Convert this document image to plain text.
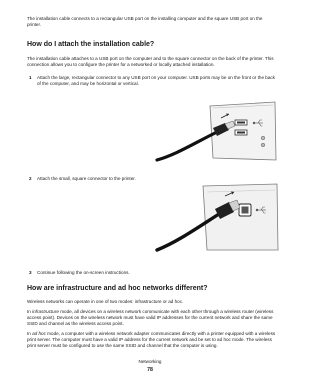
The installation cable connects to a rectangular USB port on the installing computer and the square USB port on the printer.

How do I attach the installation cable?

The installation cable attaches to a USB port on the computer and to the square connector on the back of the printer. This connection allows you to configure the printer for a networked or locally attached installation.

1 Attach the large, rectangular connector to any USB port on your computer. USB ports may be on the front or the back of the computer, and may be horizontal or vertical.

2 Attach the small, square connector to the printer.

3 Continue following the on-screen instructions.

How are infrastructure and ad hoc networks different?

Wireless networks can operate in one of two modes: infrastructure or ad hoc.

In infrastructure mode, all devices on a wireless network communicate with each other through a wireless router (wireless access point). Devices on the wireless network must have valid IP addresses for the current network and share the same SSID and channel as the wireless access point.

In ad hoc mode, a computer with a wireless network adapter communicates directly with a printer equipped with a wireless print server. The computer must have a valid IP address for the current network and be set to ad hoc mode. The wireless print server must be configured to use the same SSID and channel that the computer is using.

Networking
78
